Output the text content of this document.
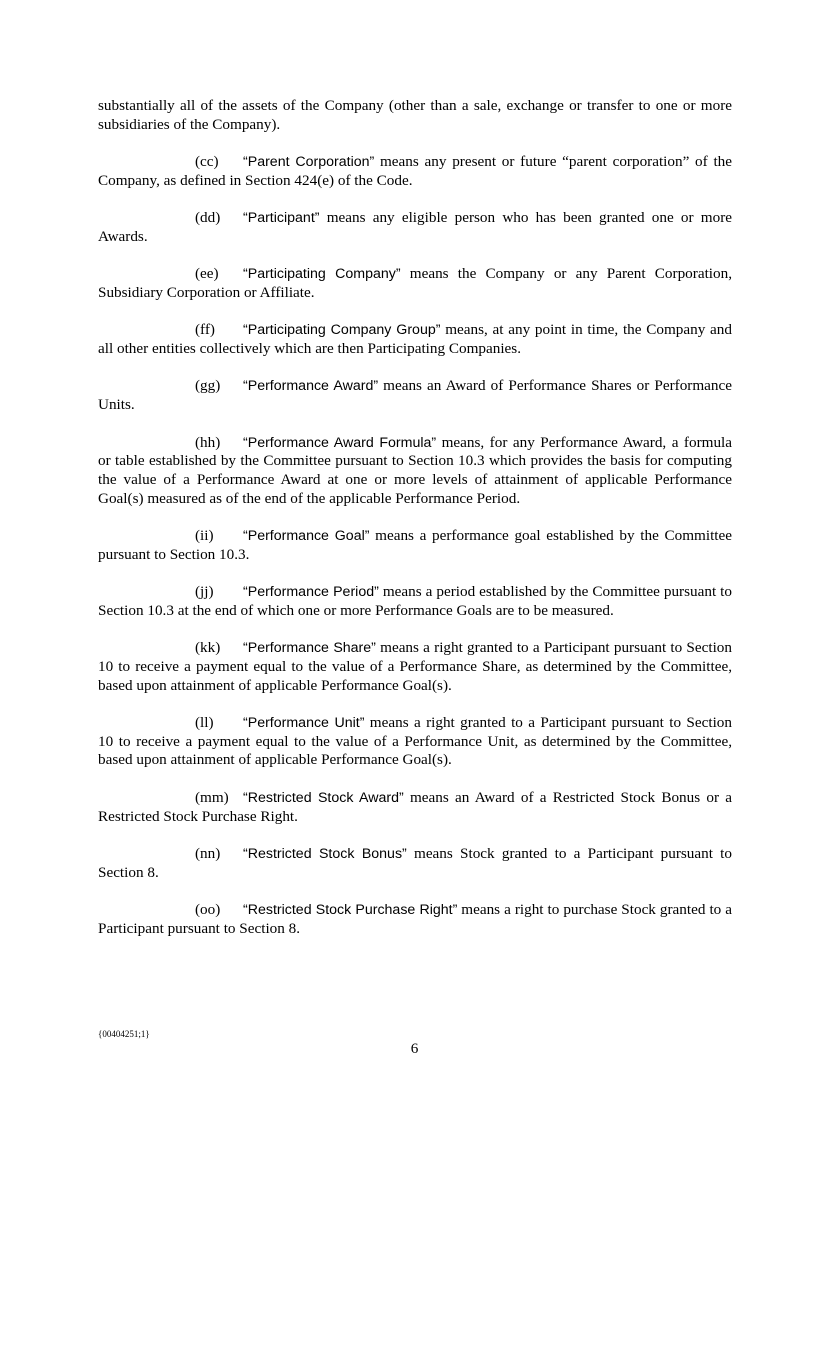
substantially all of the assets of the Company (other than a sale, exchange or transfer to one or more subsidiaries of the Company).

(cc) “Parent Corporation” means any present or future “parent corporation” of the Company, as defined in Section 424(e) of the Code.

(dd) “Participant” means any eligible person who has been granted one or more Awards.

(ee) “Participating Company” means the Company or any Parent Corporation, Subsidiary Corporation or Affiliate.

(ff) “Participating Company Group” means, at any point in time, the Company and all other entities collectively which are then Participating Companies.

(gg) “Performance Award” means an Award of Performance Shares or Performance Units.

(hh) “Performance Award Formula” means, for any Performance Award, a formula or table established by the Committee pursuant to Section 10.3 which provides the basis for computing the value of a Performance Award at one or more levels of attainment of applicable Performance Goal(s) measured as of the end of the applicable Performance Period.

(ii) “Performance Goal” means a performance goal established by the Committee pursuant to Section 10.3.

(jj) “Performance Period” means a period established by the Committee pursuant to Section 10.3 at the end of which one or more Performance Goals are to be measured.

(kk) “Performance Share” means a right granted to a Participant pursuant to Section 10 to receive a payment equal to the value of a Performance Share, as determined by the Committee, based upon attainment of applicable Performance Goal(s).

(ll) “Performance Unit” means a right granted to a Participant pursuant to Section 10 to receive a payment equal to the value of a Performance Unit, as determined by the Committee, based upon attainment of applicable Performance Goal(s).

(mm) “Restricted Stock Award” means an Award of a Restricted Stock Bonus or a Restricted Stock Purchase Right.

(nn) “Restricted Stock Bonus” means Stock granted to a Participant pursuant to Section 8.

(oo) “Restricted Stock Purchase Right” means a right to purchase Stock granted to a Participant pursuant to Section 8.

{00404251;1}
6
